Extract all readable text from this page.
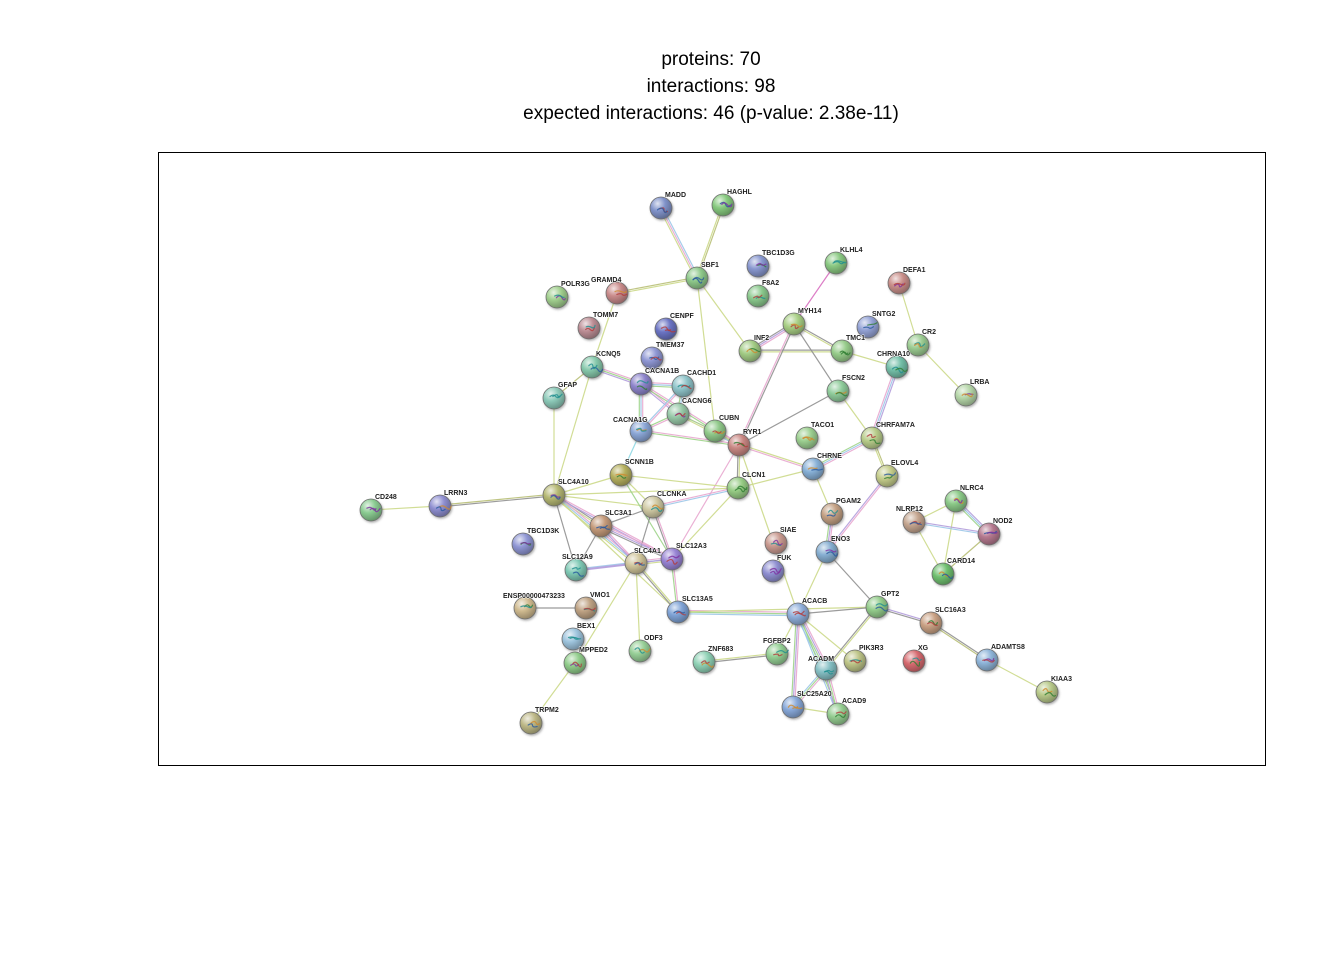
proteins: 70
interactions: 98
expected interactions: 46 (p-value: 2.38e-11)
MADD	HAGHL
SBF1
TBC1D3G
F8A2
KLHL4
DEFA1
POLR3G
GRAMD4
TOMM7	CENPF
KCNQ5
TMEM37
CACNA1B CACHD1
GFAP
CACNG6
CACNA1G	CUBN
RYR1
MYH14	SNTG2
INF2	TMC1
CR2
CHRNA10
LRBA
FSCN2
TACO1	CHRFAM7A
CHRNE
ELOVL4
SCNN1B
CLCN1
CLCNKA
SLC4A10
CD248
LRRN3
NLRC4
NLRP12
NOD2
SLC3A1
TBC1D3K
PGAM2
SIAE
ENO3
FUK	CARD14
SLC12A3
SLC4A1
SLC12A9
SLC13A5
ENSP00000473233	VMO1
BEX1
MPPED2
ODF3
ZNF683
FGFBP2
ACACB
GPT2
SLC16A3
XG
PIK3R3
ACADM
ADAMTS8
KIAA3
SLC25A20
ACAD9
TRPM2
